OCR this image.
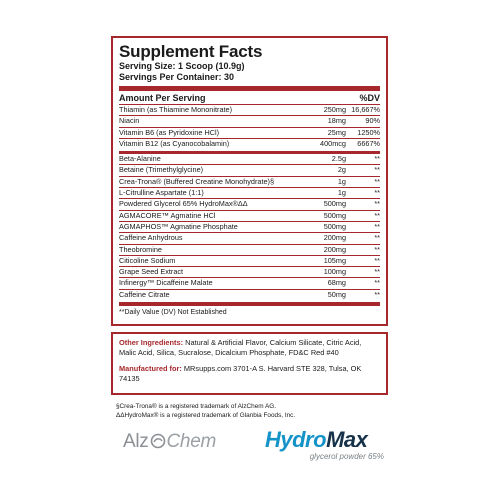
Supplement Facts
Serving Size: 1 Scoop (10.9g)
Servings Per Container: 30
Amount Per Serving	%DV
Thiamin (as Thiamine Mononitrate)	250mg 16,667%
Niacin	18mg	90%
Vitamin B6 (as Pyridoxine HCl)	25mg	1250%
Vitamin B12 (as Cyanocobalamin)	400mcg	6667%
Beta-Alanine	2.5g	**
Betaine (Trimethylglycine)	2g	**
Crea-Trona® (Buffered Creatine Monohydrate)§	1g	**
L-Citrulline Aspartate (1:1)	1g	**
Powdered Glycerol 65% HydroMax®ΔΔ	500mg	**
AGMACORE™ Agmatine HCl	500mg	**
AGMAPHOS™ Agmatine Phosphate	500mg	**
Caffeine Anhydrous	200mg	**
Theobromine	200mg	**
Citicoline Sodium	105mg	**
Grape Seed Extract	100mg	**
Infinergy™ Dicaffeine Malate	68mg	**
Caffeine Citrate	50mg	**
**Daily Value (DV) Not Established
Other Ingredients: Natural & Artificial Flavor, Calcium Silicate, Citric Acid, Malic Acid, Silica, Sucralose, Dicalcium Phosphate, FD&C Red #40
Manufactured for: MRsupps.com 3701-A S. Harvard STE 328, Tulsa, OK 74135
§Crea-Trona® is a registered trademark of AlzChem AG.
ΔΔHydroMax® is a registered trademark of Glanbia Foods, Inc.
Alz Chem HydroMax
glycerol powder 65%
